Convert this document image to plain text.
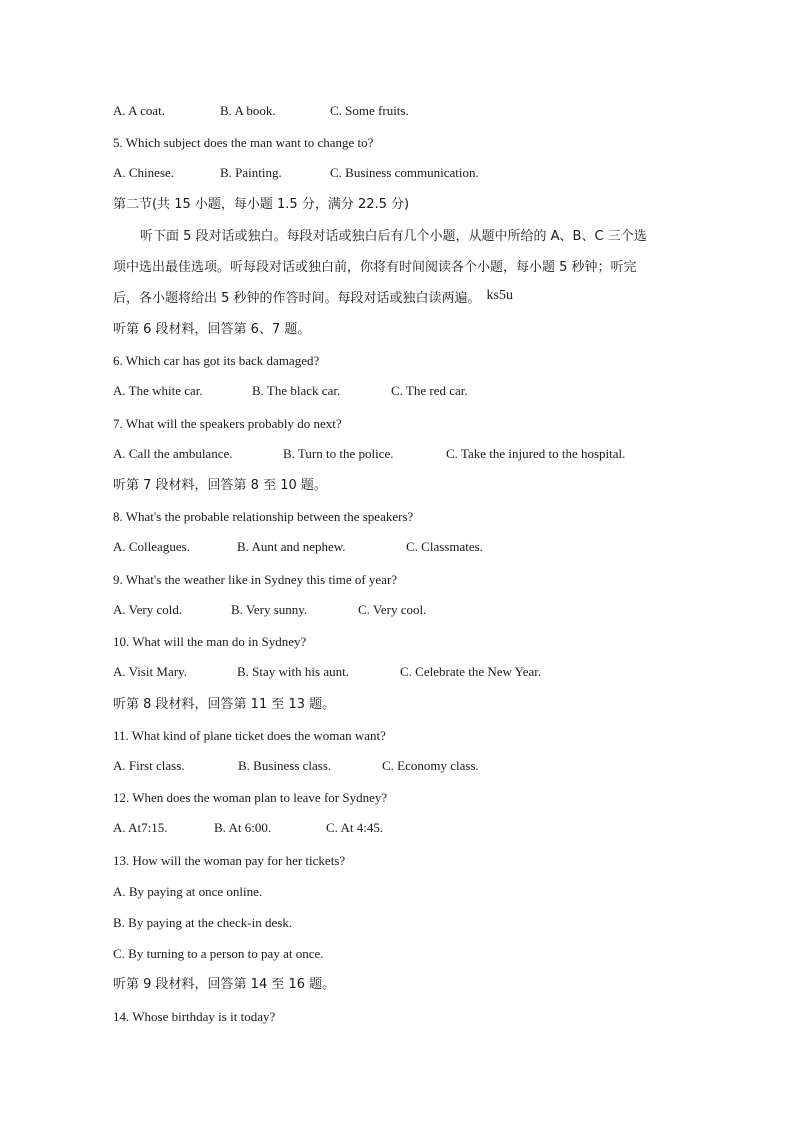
A. A coat.	B. A book.	C. Some fruits.
5. Which subject does the man want to change to?
A. Chinese.	B. Painting.	C. Business communication.
第二节(共 15 小题，每小题 1.5 分，满分 22.5 分)
听下面 5 段对话或独白。每段对话或独白后有几个小题，从题中所给的 A、B、C 三个选
项中选出最佳选项。听每段对话或独白前，你将有时间阅读各个小题，每小题 5 秒钟；听完
后，各小题将给出 5 秒钟的作答时间。每段对话或独白读两遍。 ks5u
听第 6 段材料，回答第 6、7 题。
6. Which car has got its back damaged?
A. The white car.	B. The black car.	C. The red car.
7. What will the speakers probably do next?
A. Call the ambulance.	B. Turn to the police.	C. Take the injured to the hospital.
听第 7 段材料，回答第 8 至 10 题。
8. What's the probable relationship between the speakers?
A. Colleagues.	B. Aunt and nephew.	C. Classmates.
9. What's the weather like in Sydney this time of year?
A. Very cold.	B. Very sunny.	C. Very cool.
10. What will the man do in Sydney?
A. Visit Mary.	B. Stay with his aunt.	C. Celebrate the New Year.
听第 8 段材料，回答第 11 至 13 题。
11. What kind of plane ticket does the woman want?
A. First class.	B. Business class.	C. Economy class.
12. When does the woman plan to leave for Sydney?
A. At7:15.	B. At 6:00.	C. At 4:45.
13. How will the woman pay for her tickets?
A. By paying at once online.
B. By paying at the check-in desk.
C. By turning to a person to pay at once.
听第 9 段材料，回答第 14 至 16 题。
14. Whose birthday is it today?
